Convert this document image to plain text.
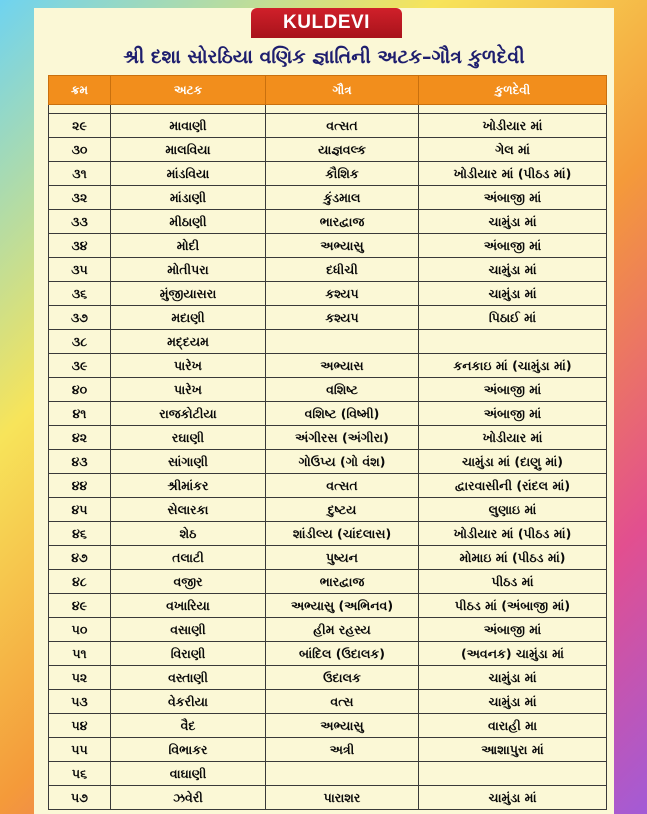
KULDEVI
શ્રી દશા સોરઠિયા વણિક જ્ઞાતિની અટક–ગૌત્ર કુળદેવી
ક્રમ	અટક	ગૌત્ર	કુળદેવી

૨૯	માવાણી	વત્સત	ખોડીયાર માં
૩૦	માલવિયા	યાજ્ઞવલ્ક	ગેલ માં
૩૧	માંડવિયા	કૌશિક	ખોડીયાર માં (પીઠડ માં)
૩૨	માંડાણી	કુંડમાલ	અંબાજી માં
૩૩	મીઠાણી	ભારદ્વાજ	ચામુંડા માં
૩૪	મોદી	અભ્યાસુ	અંબાજી માં
૩૫	મોતીપરા	દધીચી	ચામુંડા માં
૩૬	મુંજીયાસરા	કશ્યપ	ચામુંડા માં
૩૭	મદાણી	કશ્યપ	પિઠાઈ માં
૩૮	મદ્દયમ		
૩૯	પારેખ	અભ્યાસ	કનકાઇ માં (ચામુંડા માં)
૪૦	પારેખ	વશિષ્ટ	અંબાજી માં
૪૧	રાજકોટીયા	વશિષ્ટ (વિષ્મી)	અંબાજી માં
૪૨	રઘાણી	અંગીરસ (અંગીરા)	ખોડીયાર માં
૪૩	સાંગાણી	ગોઉપ્ય (ગો વંશ)	ચામુંડા માં (દાણુ માં)
૪૪	શ્રીમાંકર	વત્સત	દ્વારવાસીની (રાંદલ માં)
૪૫	સેલારકા	દુષ્ટય	લુણાઇ માં
૪૬	શેઠ	શાંડીલ્ય (ચાંદલાસ)	ખોડીયાર માં (પીઠડ માં)
૪૭	તલાટી	પુષ્યન	મોમાઇ માં (પીઠડ માં)
૪૮	વજીર	ભારદ્વાજ	પીઠડ માં
૪૯	વખારિયા	અભ્યાસુ (અભિનવ)	પીઠડ માં (અંબાજી માં)
૫૦	વસાણી	હીમ રહસ્ય	અંબાજી માં
૫૧	વિરાણી	બાંદિલ (ઉદાલક)	(અવનક) ચામુંડા માં
૫૨	વસ્તાણી	ઉદાલક	ચામુંડા માં
૫૩	વેકરીયા	વત્સ	ચામુંડા માં
૫૪	વૈદ	અભ્યાસુ	વારાહી મા
૫૫	વિભાકર	અત્રી	આશાપુરા માં
૫૬	વાઘાણી		
૫૭	ઝવેરી	પારાશર	ચામુંડા માં
